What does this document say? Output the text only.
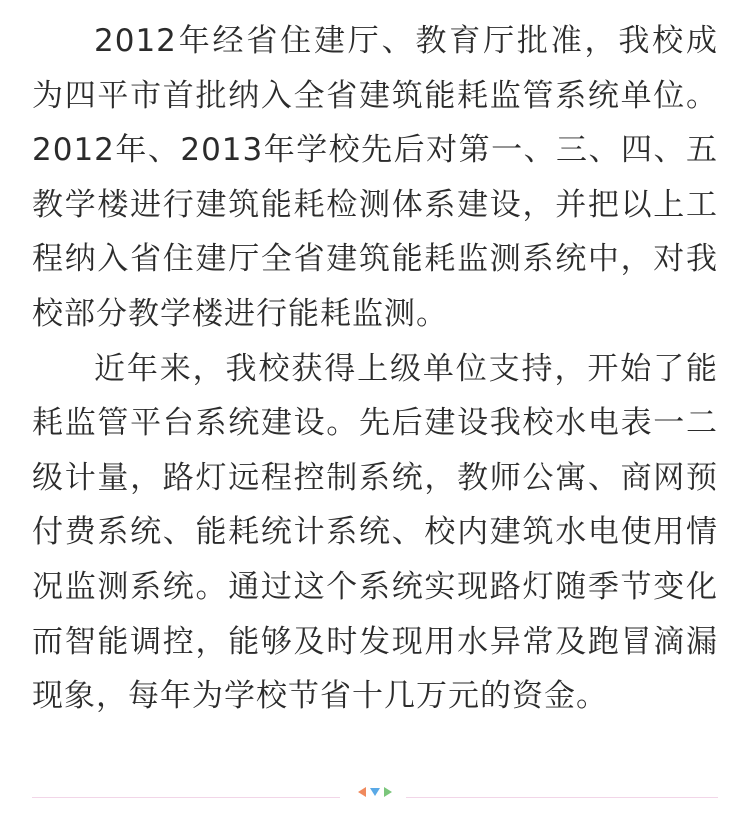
2012年经省住建厅、教育厅批准，我校成为四平市首批纳入全省建筑能耗监管系统单位。2012年、2013年学校先后对第一、三、四、五教学楼进行建筑能耗检测体系建设，并把以上工程纳入省住建厅全省建筑能耗监测系统中，对我校部分教学楼进行能耗监测。

近年来，我校获得上级单位支持，开始了能耗监管平台系统建设。先后建设我校水电表一二级计量，路灯远程控制系统，教师公寓、商网预付费系统、能耗统计系统、校内建筑水电使用情况监测系统。通过这个系统实现路灯随季节变化而智能调控，能够及时发现用水异常及跑冒滴漏现象，每年为学校节省十几万元的资金。
